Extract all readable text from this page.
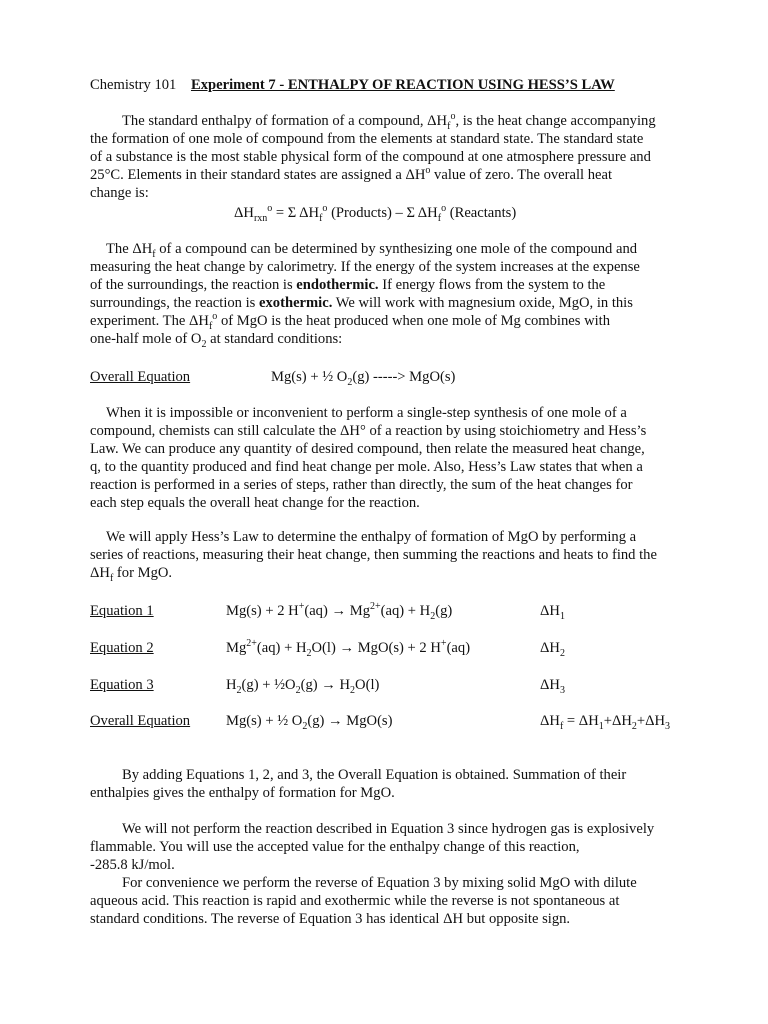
Chemistry 101 Experiment 7 - ENTHALPY OF REACTION USING HESS’S LAW
The standard enthalpy of formation of a compound, $\Delta H_f^o$, is the heat change accompanying
the formation of one mole of compound from the elements at standard state. The standard state
of a substance is the most stable physical form of the compound at one atmosphere pressure and
25°C. Elements in their standard states are assigned a $\Delta H^o$ value of zero. The overall heat
change is:
$\Delta H_{rxn}^o = \Sigma$ $\Delta H_f^o$ (Products) – Σ $\Delta H_f^o$ (Reactants)
The $\Delta H_f$ of a compound can be determined by synthesizing one mole of the compound and
measuring the heat change by calorimetry. If the energy of the system increases at the expense
of the surroundings, the reaction is endothermic. If energy flows from the system to the
surroundings, the reaction is exothermic. We will work with magnesium oxide, MgO, in this
experiment. The $\Delta H_f^o$ of MgO is the heat produced when one mole of Mg combines with
one-half mole of $O_2$ at standard conditions:
Overall Equation	Mg(s) + ½ $O_2(g)$ -----> MgO(s)
When it is impossible or inconvenient to perform a single-step synthesis of one mole of a
compound, chemists can still calculate the ΔH° of a reaction by using stoichiometry and Hess’s
Law. We can produce any quantity of desired compound, then relate the measured heat change,
q, to the quantity produced and find heat change per mole. Also, Hess’s Law states that when a
reaction is performed in a series of steps, rather than directly, the sum of the heat changes for
each step equals the overall heat change for the reaction.
We will apply Hess’s Law to determine the enthalpy of formation of MgO by performing a
series of reactions, measuring their heat change, then summing the reactions and heats to find the
$\Delta H_f$ for MgO.
Equation 1	Mg(s) + 2 $H^+(aq) \to Mg^{2+}(aq) + H_2(g)$	$\Delta H_1$
Equation 2	$Mg^{2+}(aq) + H_2O(l) \to MgO(s) + 2$ H+(aq)	$\Delta H_2$
Equation 3	$H_2(g)$ + $\frac{1}{2}O_2(g) \to H_2O(l)$	$\Delta H_3$
Overall Equation Mg(s) + ½ $O_2(g) \to MgO(s)$	$\Delta H_f = \Delta H_1+\Delta H_2+\Delta H_3$
By adding Equations 1, 2, and 3, the Overall Equation is obtained. Summation of their
enthalpies gives the enthalpy of formation for MgO.
We will not perform the reaction described in Equation 3 since hydrogen gas is explosively
flammable. You will use the accepted value for the enthalpy change of this reaction,
-285.8 kJ/mol.
For convenience we perform the reverse of Equation 3 by mixing solid MgO with dilute
aqueous acid. This reaction is rapid and exothermic while the reverse is not spontaneous at
standard conditions. The reverse of Equation 3 has identical ΔH but opposite sign.
